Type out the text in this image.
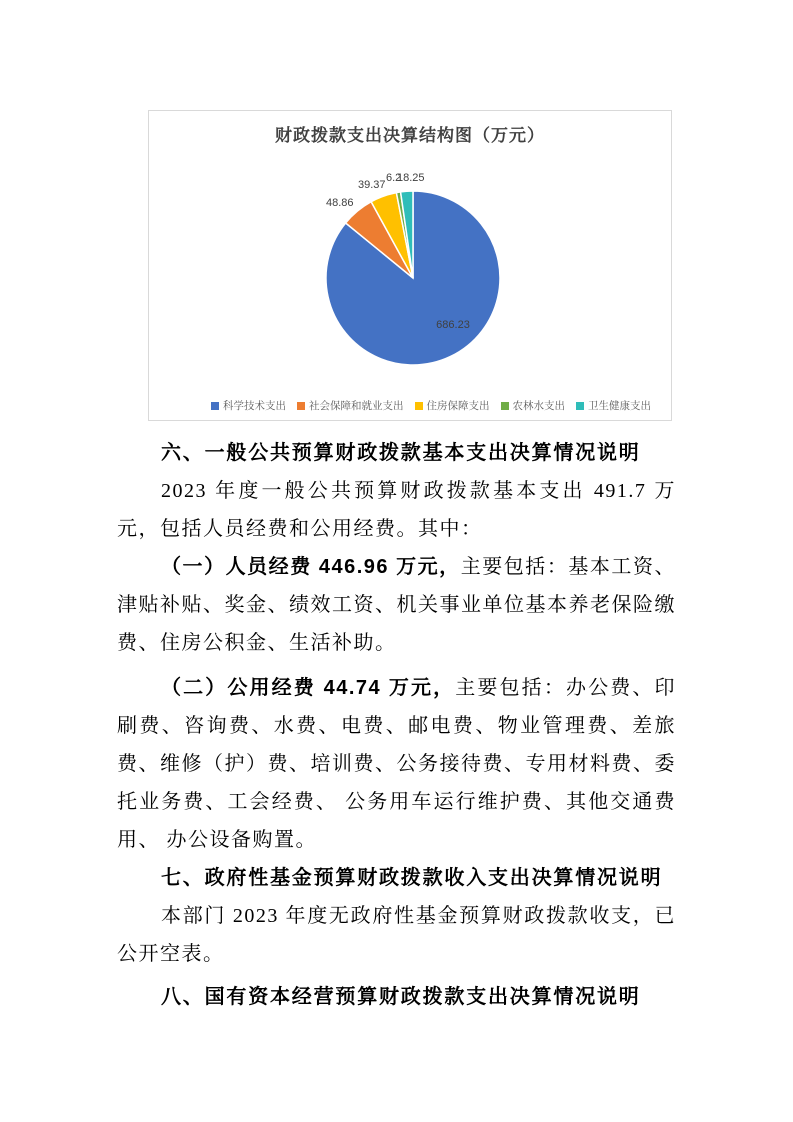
财政拨款支出决算结构图（万元）
686.23
48.86
39.37
6.2
18.25
科学技术支出 社会保障和就业支出 住房保障支出 农林水支出 卫生健康支出
六、一般公共预算财政拨款基本支出决算情况说明

2023 年度一般公共预算财政拨款基本支出 491.7 万元，包括人员经费和公用经费。其中：

（一）人员经费 446.96 万元，主要包括：基本工资、津贴补贴、奖金、绩效工资、机关事业单位基本养老保险缴费、住房公积金、生活补助。

（二）公用经费 44.74 万元，主要包括：办公费、印刷费、咨询费、水费、电费、邮电费、物业管理费、差旅费、维修（护）费、培训费、公务接待费、专用材料费、委托业务费、工会经费、 公务用车运行维护费、其他交通费用、 办公设备购置。

七、政府性基金预算财政拨款收入支出决算情况说明

本部门 2023 年度无政府性基金预算财政拨款收支，已公开空表。

八、国有资本经营预算财政拨款支出决算情况说明
